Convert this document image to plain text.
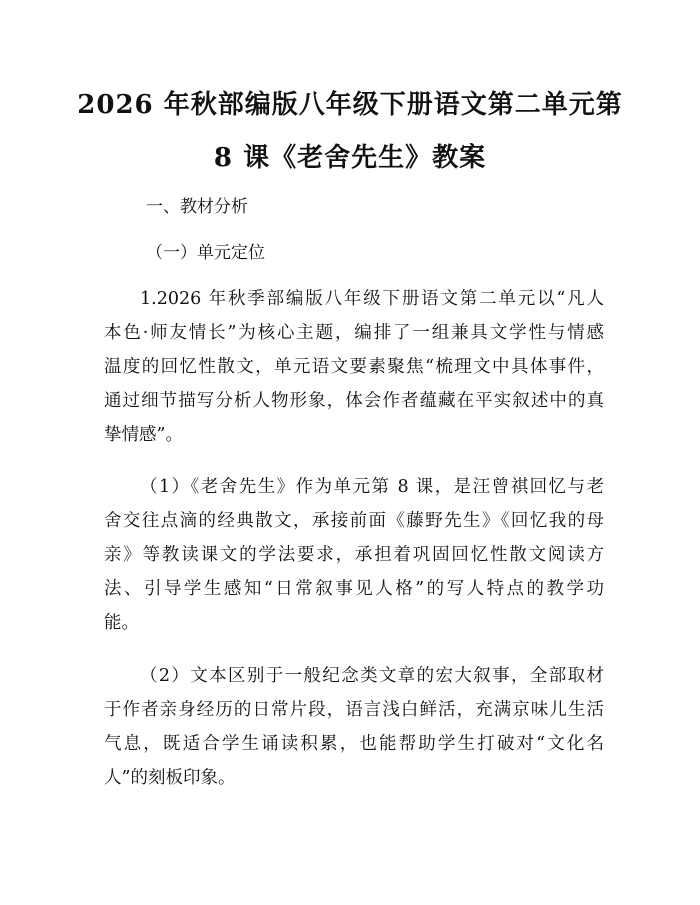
2026 年秋部编版八年级下册语文第二单元第
8 课《老舍先生》教案
一、教材分析
（一）单元定位
1.2026 年秋季部编版八年级下册语文第二单元以“凡人
本色·师友情长”为核心主题，编排了一组兼具文学性与情感
温度的回忆性散文，单元语文要素聚焦“梳理文中具体事件，
通过细节描写分析人物形象，体会作者蕴藏在平实叙述中的真
挚情感”。
（1）《老舍先生》作为单元第 8 课，是汪曾祺回忆与老
舍交往点滴的经典散文，承接前面《藤野先生》《回忆我的母
亲》等教读课文的学法要求，承担着巩固回忆性散文阅读方
法、引导学生感知“日常叙事见人格”的写人特点的教学功
能。
（2）文本区别于一般纪念类文章的宏大叙事，全部取材
于作者亲身经历的日常片段，语言浅白鲜活，充满京味儿生活
气息，既适合学生诵读积累，也能帮助学生打破对“文化名
人”的刻板印象。
